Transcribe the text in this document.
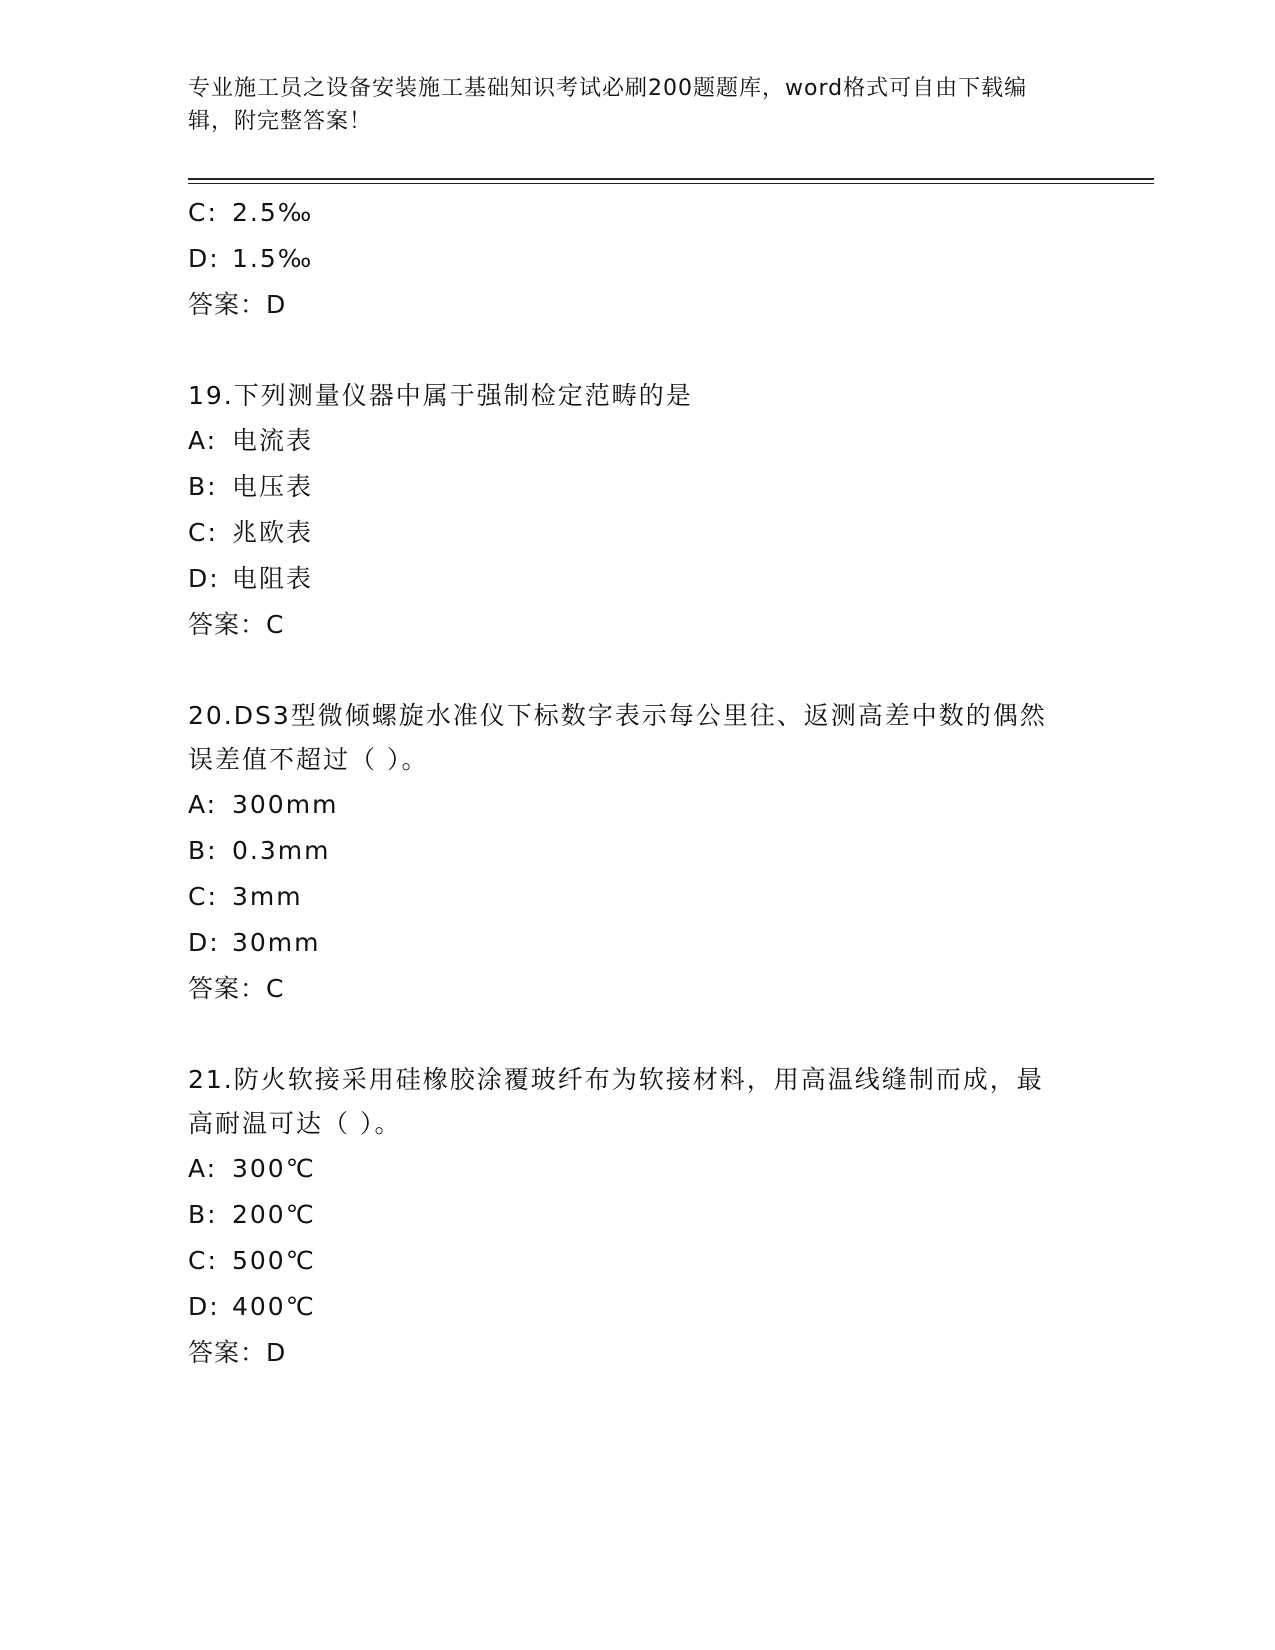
专业施工员之设备安装施工基础知识考试必刷200题题库，word格式可自由下载编辑，附完整答案！
C: 2.5‰
D: 1.5‰
答案：D
19.下列测量仪器中属于强制检定范畴的是
A: 电流表
B: 电压表
C: 兆欧表
D: 电阻表
答案：C
20.DS3型微倾螺旋水准仪下标数字表示每公里往、返测高差中数的偶然误差值不超过（ ）。
A: 300mm
B: 0.3mm
C: 3mm
D: 30mm
答案：C
21.防火软接采用硅橡胶涂覆玻纤布为软接材料，用高温线缝制而成，最高耐温可达（ ）。
A: 300℃
B: 200℃
C: 500℃
D: 400℃
答案：D
